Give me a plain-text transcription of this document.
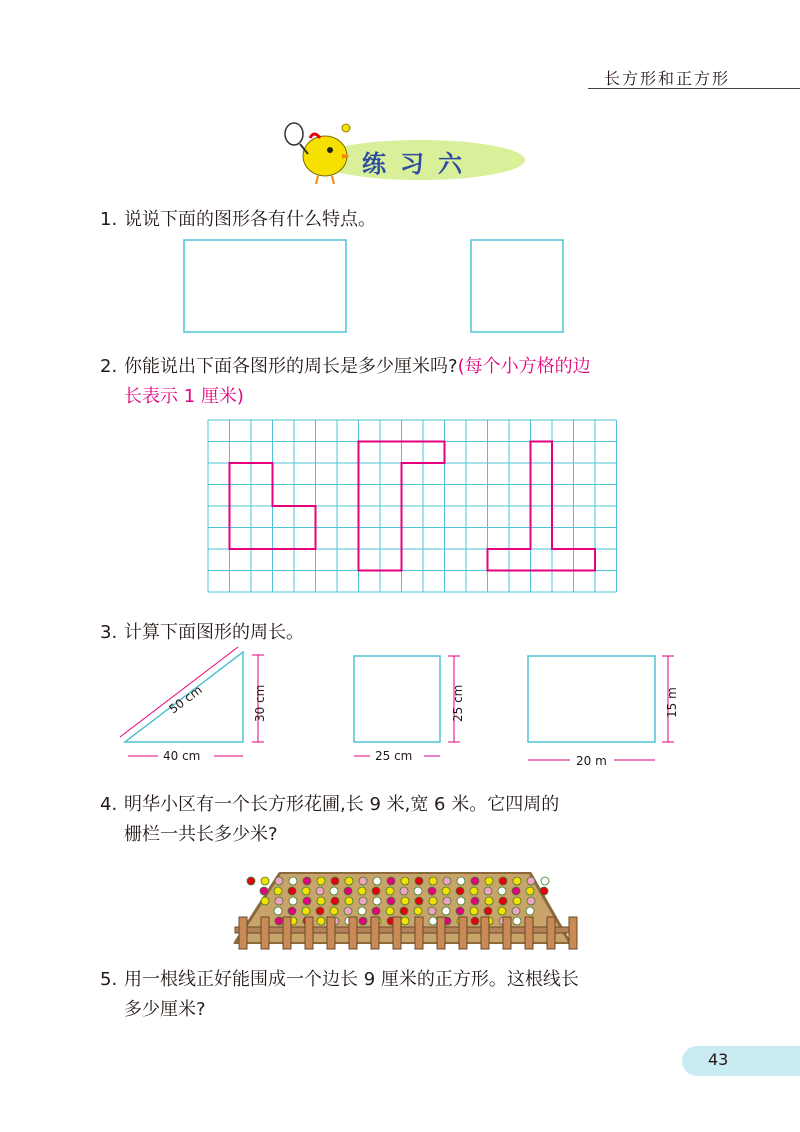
长方形和正方形
练习六
1. 说说下面的图形各有什么特点。
2. 你能说出下面各图形的周长是多少厘米吗?(每个小方格的边
长表示 1 厘米)
3. 计算下面图形的周长。
50 cm	30 cm
40 cm
25 cm
25 cm
15 m
20 m
4. 明华小区有一个长方形花圃,长 9 米,宽 6 米。它四周的
栅栏一共长多少米?
5. 用一根线正好能围成一个边长 9 厘米的正方形。这根线长
多少厘米?
43
